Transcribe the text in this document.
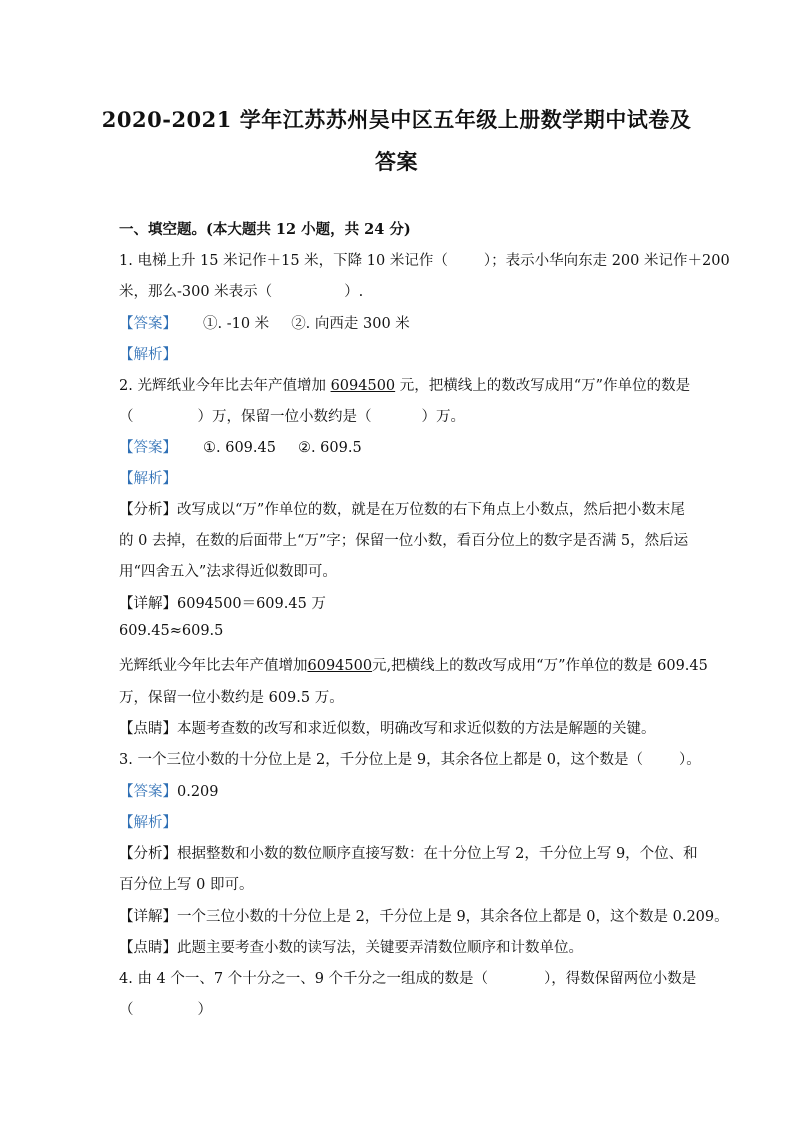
2020-2021 学年江苏苏州吴中区五年级上册数学期中试卷及
答案
一、填空题。(本大题共 12 小题，共 24 分)
1. 电梯上升 15 米记作＋15 米，下降 10 米记作（ ）；表示小华向东走 200 米记作＋200
米，那么-300 米表示（	）.
【答案】 ①. -10 米 ②. 向西走 300 米
【解析】
2. 光辉纸业今年比去年产值增加 6094500 元，把横线上的数改写成用“万”作单位的数是
（	）万，保留一位小数约是（	）万。
【答案】 ①. 609.45 ②. 609.5
【解析】
【分析】改写成以“万”作单位的数，就是在万位数的右下角点上小数点，然后把小数末尾
的 0 去掉，在数的后面带上“万”字；保留一位小数，看百分位上的数字是否满 5，然后运
用“四舍五入”法求得近似数即可。
【详解】6094500＝609.45 万
609.45≈609.5
光辉纸业今年比去年产值增加6094500元,把横线上的数改写成用“万”作单位的数是 609.45
万，保留一位小数约是 609.5 万。
【点睛】本题考查数的改写和求近似数，明确改写和求近似数的方法是解题的关键。
3. 一个三位小数的十分位上是 2，千分位上是 9，其余各位上都是 0，这个数是（ ）。
【答案】0.209
【解析】
【分析】根据整数和小数的数位顺序直接写数：在十分位上写 2，千分位上写 9，个位、和
百分位上写 0 即可。
【详解】一个三位小数的十分位上是 2，千分位上是 9，其余各位上都是 0，这个数是 0.209。
【点睛】此题主要考查小数的读写法，关键要弄清数位顺序和计数单位。
4. 由 4 个一、7 个十分之一、9 个千分之一组成的数是（	），得数保留两位小数是
（	）
